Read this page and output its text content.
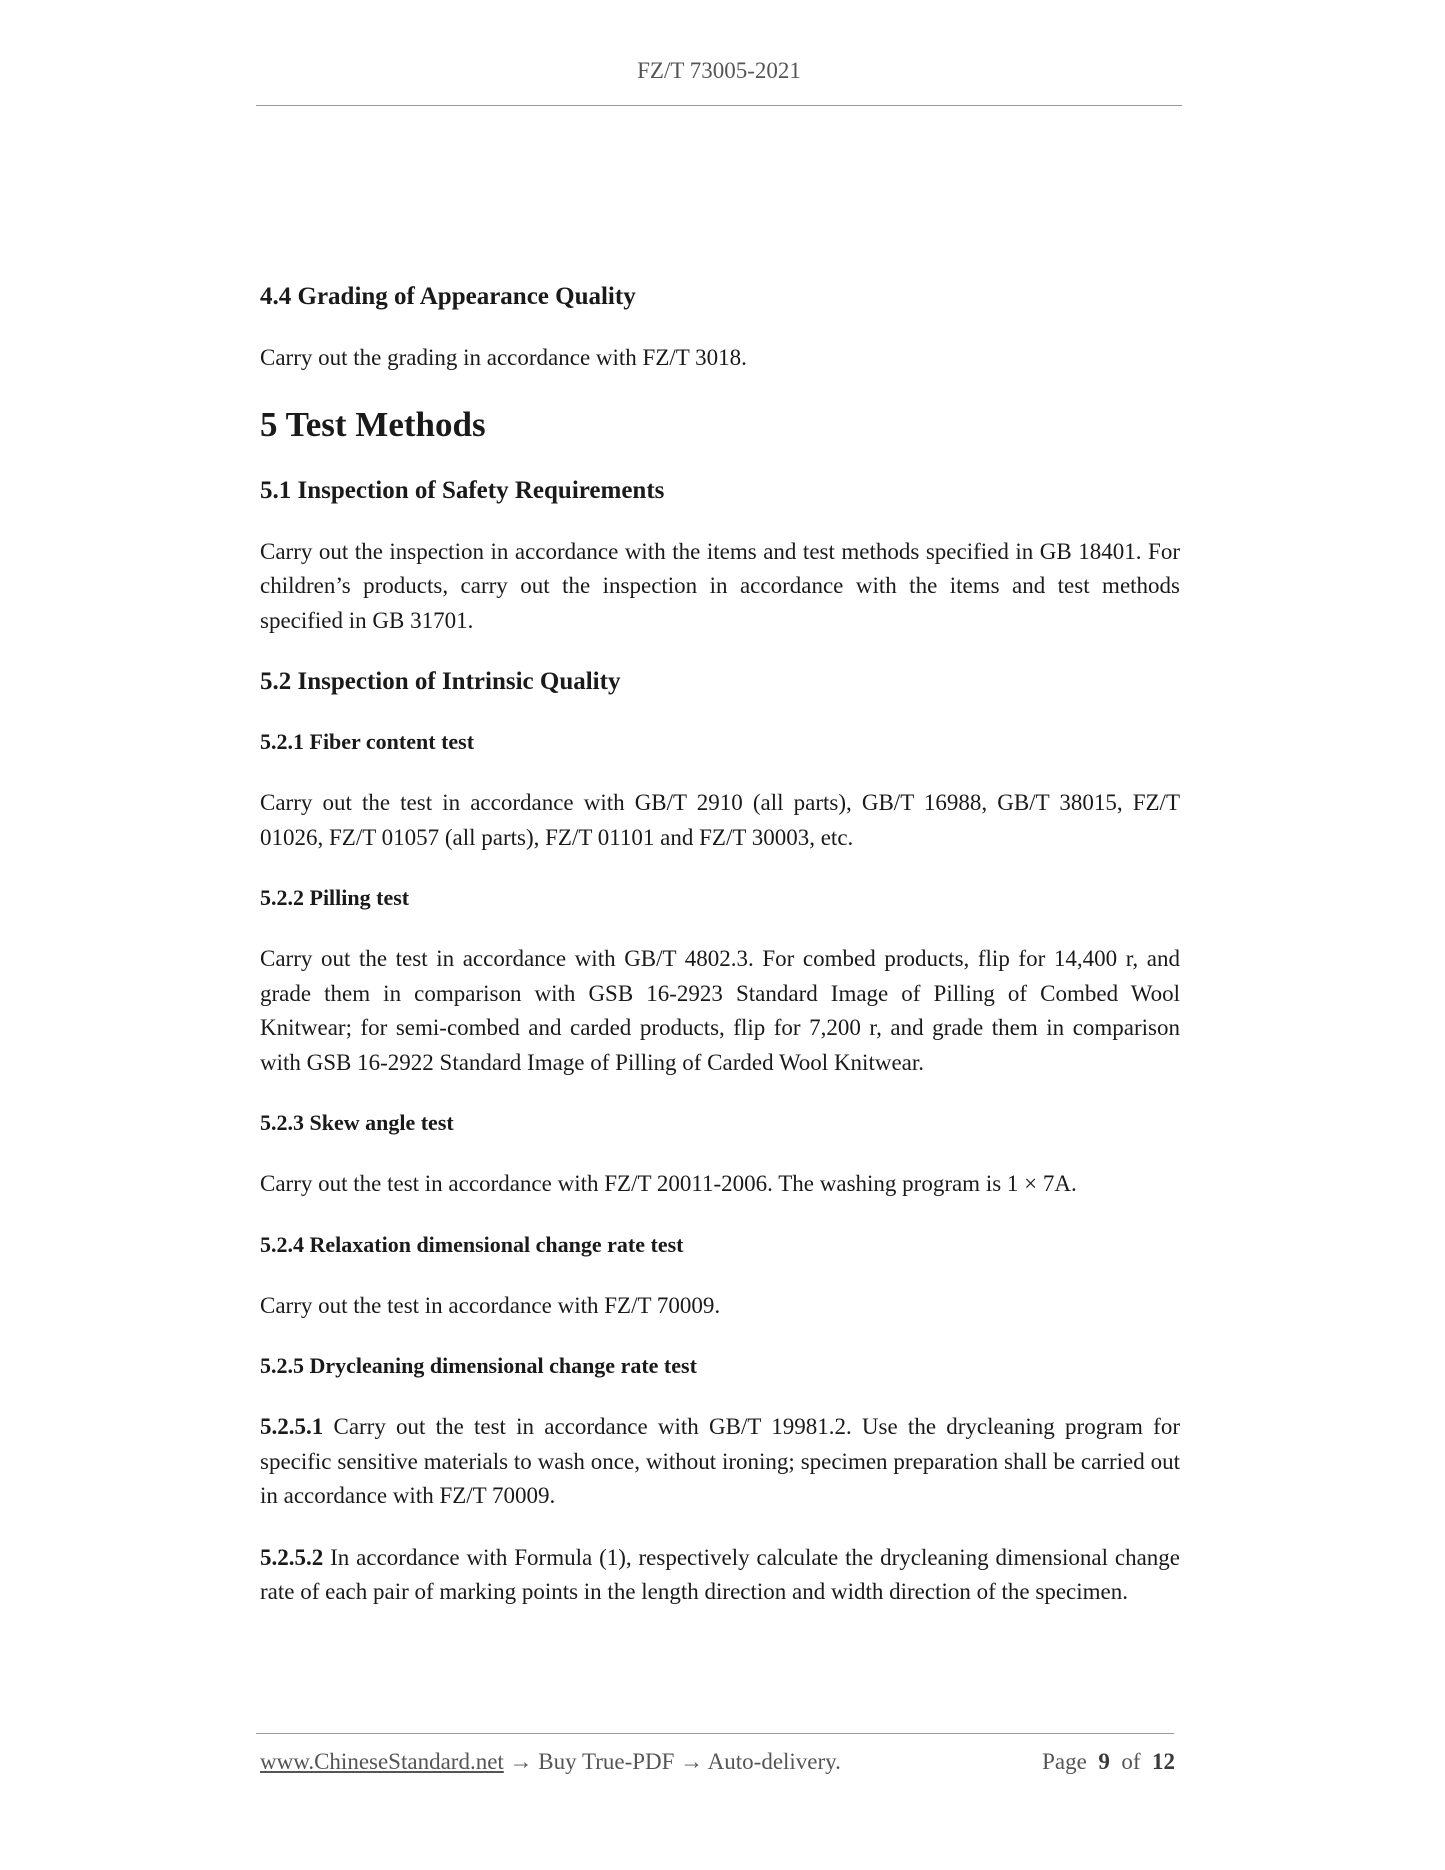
FZ/T 73005-2021
4.4 Grading of Appearance Quality
Carry out the grading in accordance with FZ/T 3018.
5 Test Methods
5.1 Inspection of Safety Requirements
Carry out the inspection in accordance with the items and test methods specified in GB 18401. For children’s products, carry out the inspection in accordance with the items and test methods specified in GB 31701.
5.2 Inspection of Intrinsic Quality
5.2.1 Fiber content test
Carry out the test in accordance with GB/T 2910 (all parts), GB/T 16988, GB/T 38015, FZ/T 01026, FZ/T 01057 (all parts), FZ/T 01101 and FZ/T 30003, etc.
5.2.2 Pilling test
Carry out the test in accordance with GB/T 4802.3. For combed products, flip for 14,400 r, and grade them in comparison with GSB 16-2923 Standard Image of Pilling of Combed Wool Knitwear; for semi-combed and carded products, flip for 7,200 r, and grade them in comparison with GSB 16-2922 Standard Image of Pilling of Carded Wool Knitwear.
5.2.3 Skew angle test
Carry out the test in accordance with FZ/T 20011-2006. The washing program is 1 × 7A.
5.2.4 Relaxation dimensional change rate test
Carry out the test in accordance with FZ/T 70009.
5.2.5 Drycleaning dimensional change rate test
5.2.5.1 Carry out the test in accordance with GB/T 19981.2. Use the drycleaning program for specific sensitive materials to wash once, without ironing; specimen preparation shall be carried out in accordance with FZ/T 70009.
5.2.5.2 In accordance with Formula (1), respectively calculate the drycleaning dimensional change rate of each pair of marking points in the length direction and width direction of the specimen.
www.ChineseStandard.net → Buy True-PDF → Auto-delivery.	Page 9 of 12
